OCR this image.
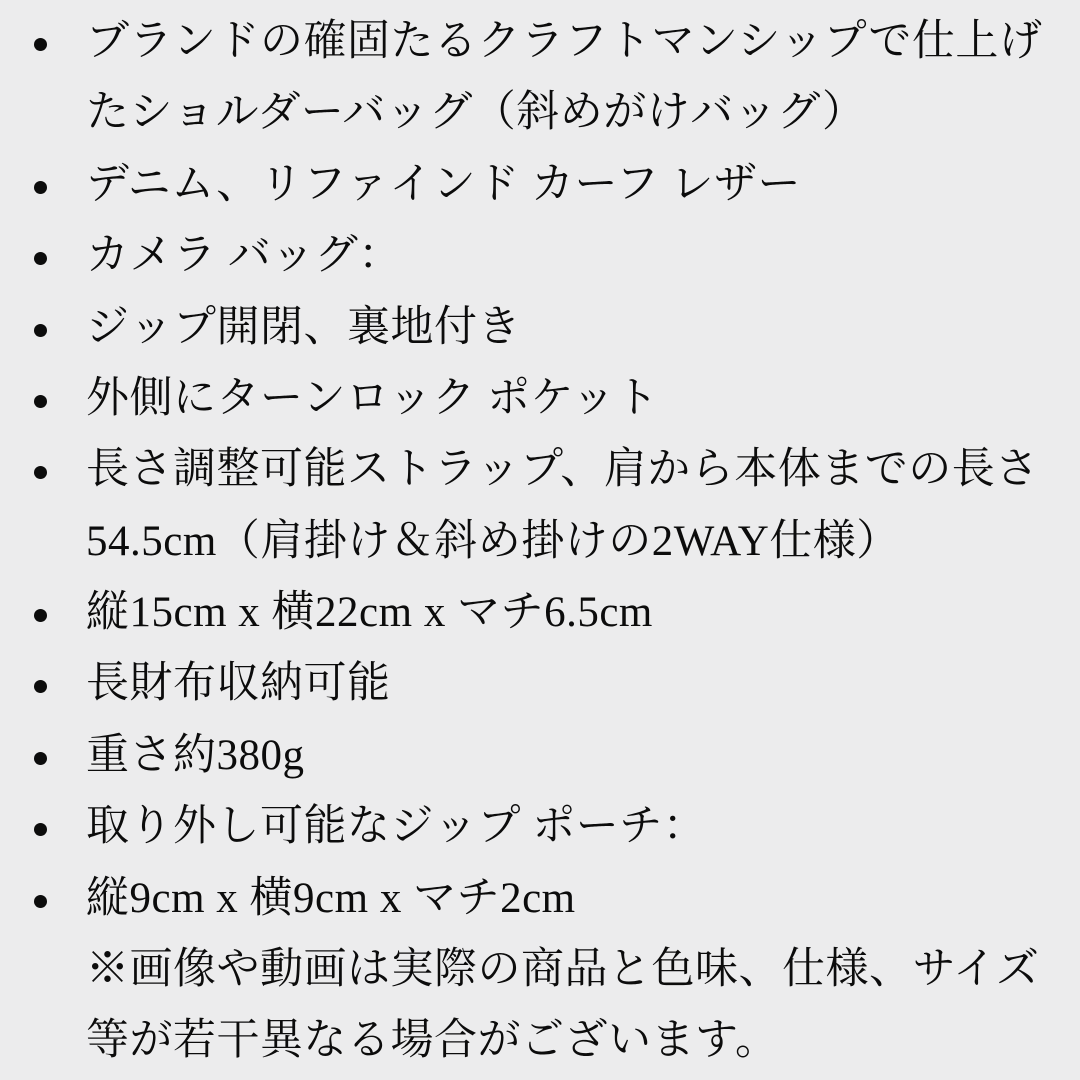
ブランドの確固たるクラフトマンシップで仕上げたショルダーバッグ（斜めがけバッグ）
デニム、リファインド カーフ レザー
カメラ バッグ：
ジップ開閉、裏地付き
外側にターンロック ポケット
長さ調整可能ストラップ、肩から本体までの長さ54.5cm（肩掛け＆斜め掛けの2WAY仕様）
縦15cm x 横22cm x マチ6.5cm
長財布収納可能
重さ約380g
取り外し可能なジップ ポーチ：
縦9cm x 横9cm x マチ2cm
※画像や動画は実際の商品と色味、仕様、サイズ等が若干異なる場合がございます。
